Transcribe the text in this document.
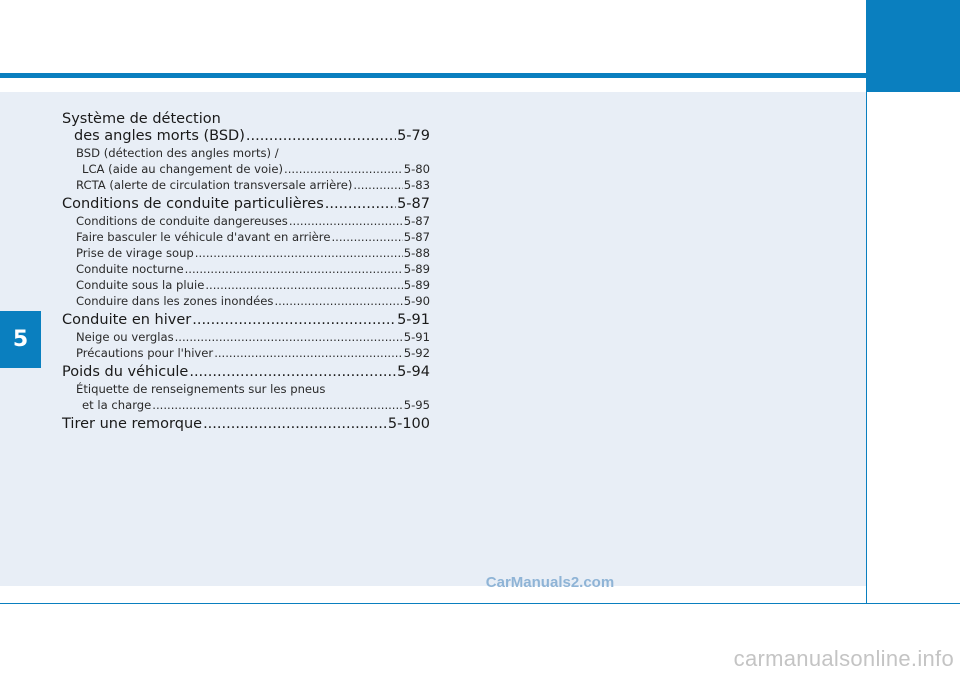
5
Système de détection
des angles morts (BSD) .....	5-79
BSD (détection des angles morts) /
LCA (aide au changement de voie) .....	5-80
RCTA (alerte de circulation transversale arrière) .....	5-83
Conditions de conduite particulières .....	5-87
Conditions de conduite dangereuses .....	5-87
Faire basculer le véhicule d'avant en arrière .....	5-87
Prise de virage soup .....	5-88
Conduite nocturne .....	5-89
Conduite sous la pluie .....	5-89
Conduire dans les zones inondées .....	5-90
Conduite en hiver .....	5-91
Neige ou verglas .....	5-91
Précautions pour l'hiver .....	5-92
Poids du véhicule .....	5-94
Étiquette de renseignements sur les pneus
et la charge .....	5-95
Tirer une remorque .....	5-100
CarManuals2.com
carmanualsonline.info
